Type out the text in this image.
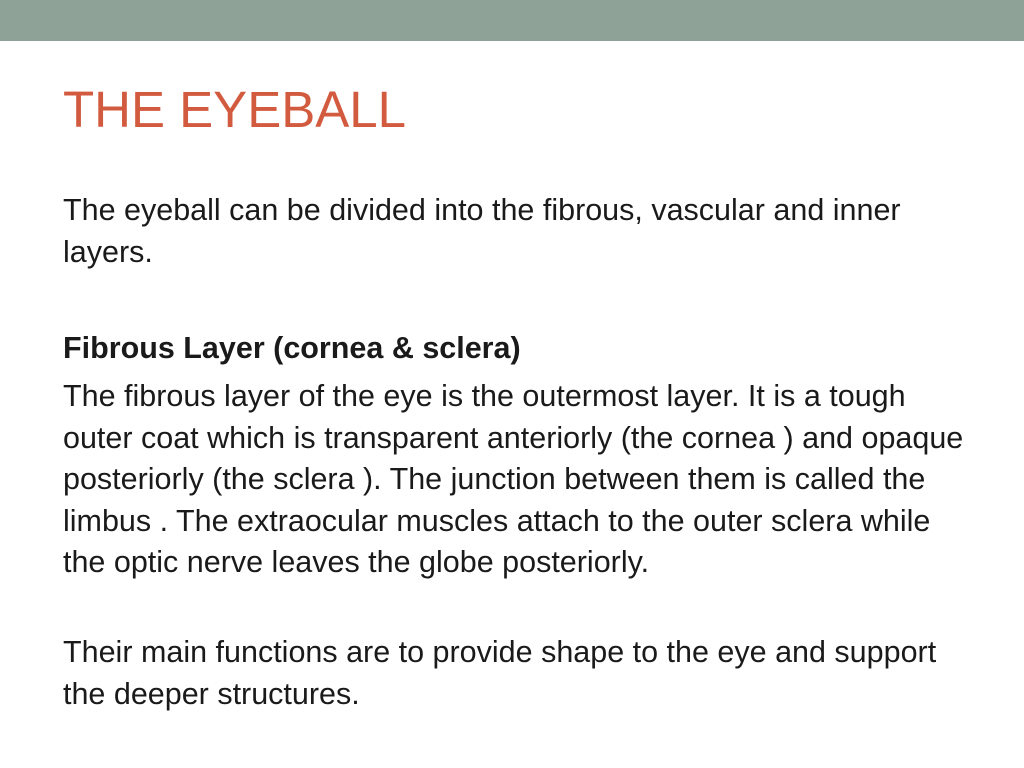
THE EYEBALL

The eyeball can be divided into the fibrous, vascular and inner layers.

Fibrous Layer (cornea & sclera)

The fibrous layer of the eye is the outermost layer. It is a tough outer coat which is transparent anteriorly (the cornea ) and opaque posteriorly (the sclera ). The junction between them is called the limbus . The extraocular muscles attach to the outer sclera while the optic nerve leaves the globe posteriorly.

Their main functions are to provide shape to the eye and support the deeper structures.
